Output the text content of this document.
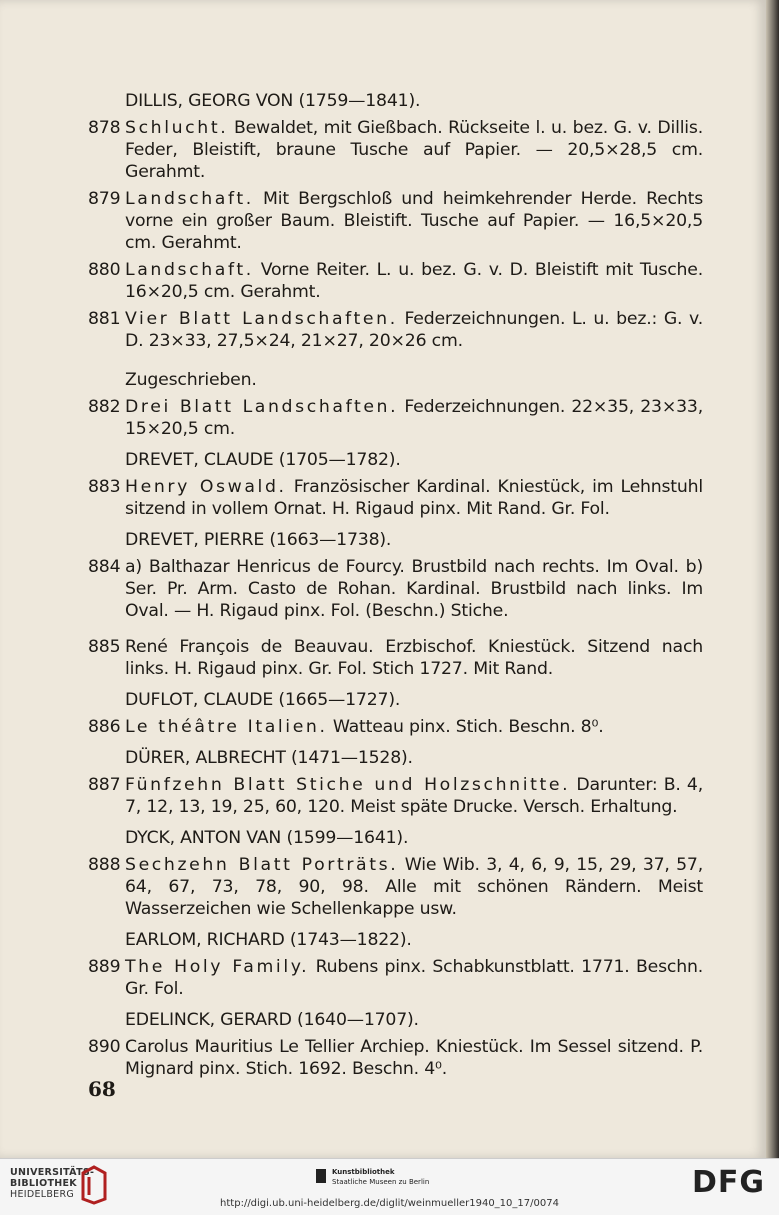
DILLIS, GEORG VON (1759—1841).
878 Schlucht. Bewaldet, mit Gießbach. Rückseite l. u. bez. G. v. Dillis. Feder, Bleistift, braune Tusche auf Papier. — 20,5×28,5 cm. Gerahmt.
879 Landschaft. Mit Bergschloß und heimkehrender Herde. Rechts vorne ein großer Baum. Bleistift. Tusche auf Papier. — 16,5×20,5 cm. Gerahmt.
880 Landschaft. Vorne Reiter. L. u. bez. G. v. D. Bleistift mit Tusche. 16×20,5 cm. Gerahmt.
881 Vier Blatt Landschaften. Federzeichnungen. L. u. bez.: G. v. D. 23×33, 27,5×24, 21×27, 20×26 cm.
Zugeschrieben.
882 Drei Blatt Landschaften. Federzeichnungen. 22×35, 23×33, 15×20,5 cm.
DREVET, CLAUDE (1705—1782).
883 Henry Oswald. Französischer Kardinal. Kniestück, im Lehnstuhl sitzend in vollem Ornat. H. Rigaud pinx. Mit Rand. Gr. Fol.
DREVET, PIERRE (1663—1738).
884 a) Balthazar Henricus de Fourcy. Brustbild nach rechts. Im Oval. b) Ser. Pr. Arm. Casto de Rohan. Kardinal. Brustbild nach links. Im Oval. — H. Rigaud pinx. Fol. (Beschn.) Stiche.
885 René François de Beauvau. Erzbischof. Kniestück. Sitzend nach links. H. Rigaud pinx. Gr. Fol. Stich 1727. Mit Rand.
DUFLOT, CLAUDE (1665—1727).
886 Le théâtre Italien. Watteau pinx. Stich. Beschn. 8⁰.
DÜRER, ALBRECHT (1471—1528).
887 Fünfzehn Blatt Stiche und Holzschnitte. Darunter: B. 4, 7, 12, 13, 19, 25, 60, 120. Meist späte Drucke. Versch. Erhaltung.
DYCK, ANTON VAN (1599—1641).
888 Sechzehn Blatt Porträts. Wie Wib. 3, 4, 6, 9, 15, 29, 37, 57, 64, 67, 73, 78, 90, 98. Alle mit schönen Rändern. Meist Wasserzeichen wie Schellenkappe usw.
EARLOM, RICHARD (1743—1822).
889 The Holy Family. Rubens pinx. Schabkunstblatt. 1771. Beschn. Gr. Fol.
EDELINCK, GERARD (1640—1707).
890 Carolus Mauritius Le Tellier Archiep. Kniestück. Im Sessel sitzend. P. Mignard pinx. Stich. 1692. Beschn. 4⁰.
68
UNIVERSITÄTS-
BIBLIOTHEK
HEIDELBERG
Kunstbibliothek
Staatliche Museen zu Berlin	DFG
http://digi.ub.uni-heidelberg.de/diglit/weinmueller1940_10_17/0074
